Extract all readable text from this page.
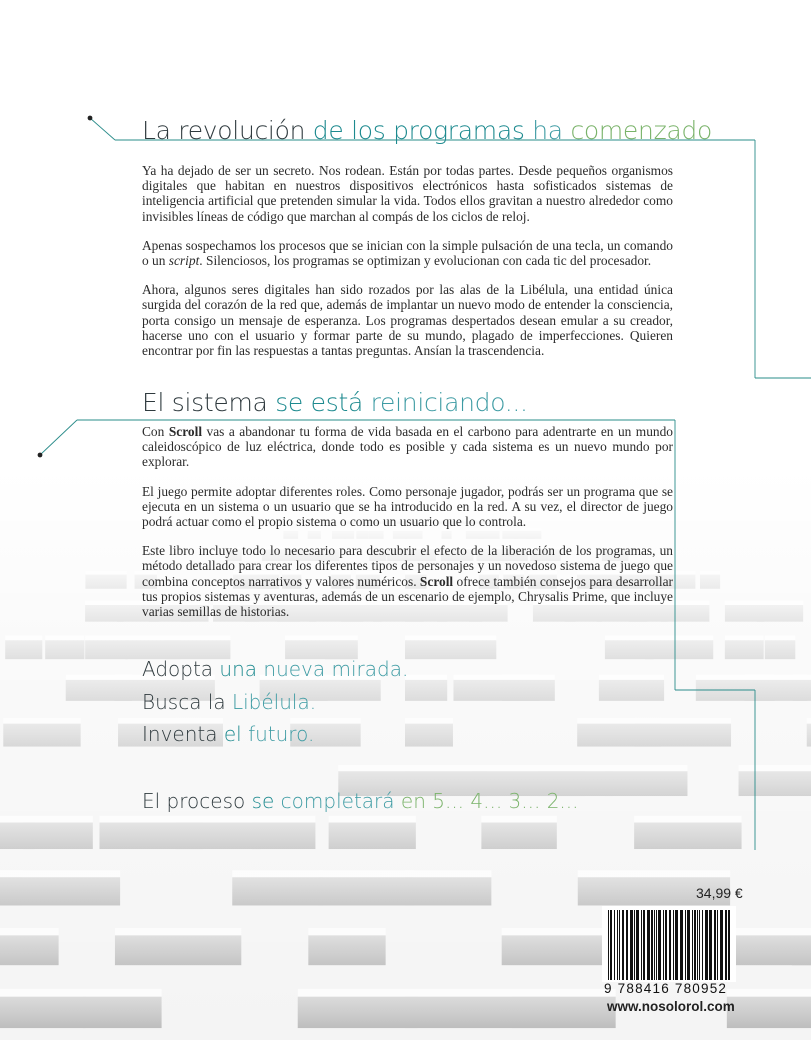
La revolución de los programas ha comenzado

Ya ha dejado de ser un secreto. Nos rodean. Están por todas partes. Desde pequeños organismos digitales que habitan en nuestros dispositivos electrónicos hasta sofisticados sistemas de inteligencia artificial que pretenden simular la vida. Todos ellos gravitan a nuestro alrededor como invisibles líneas de código que marchan al compás de los ciclos de reloj.

Apenas sospechamos los procesos que se inician con la simple pulsación de una tecla, un comando o un script. Silenciosos, los programas se optimizan y evolucionan con cada tic del procesador.

Ahora, algunos seres digitales han sido rozados por las alas de la Libélula, una entidad única surgida del corazón de la red que, además de implantar un nuevo modo de entender la consciencia, porta consigo un mensaje de esperanza. Los programas despertados desean emular a su creador, hacerse uno con el usuario y formar parte de su mundo, plagado de imperfecciones. Quieren encontrar por fin las respuestas a tantas preguntas. Ansían la trascendencia.

El sistema se está reiniciando...

Con Scroll vas a abandonar tu forma de vida basada en el carbono para adentrarte en un mundo caleidoscópico de luz eléctrica, donde todo es posible y cada sistema es un nuevo mundo por explorar.

El juego permite adoptar diferentes roles. Como personaje jugador, podrás ser un programa que se ejecuta en un sistema o un usuario que se ha introducido en la red. A su vez, el director de juego podrá actuar como el propio sistema o como un usuario que lo controla.

Este libro incluye todo lo necesario para descubrir el efecto de la liberación de los programas, un método detallado para crear los diferentes tipos de personajes y un novedoso sistema de juego que combina conceptos narrativos y valores numéricos. Scroll ofrece también consejos para desarrollar tus propios sistemas y aventuras, además de un escenario de ejemplo, Chrysalis Prime, que incluye varias semillas de historias.

Adopta una nueva mirada.
Busca la Libélula.
Inventa el futuro.
El proceso se completará en 5... 4... 3... 2...
34,99 €
9 788416 780952
www.nosolorol.com
